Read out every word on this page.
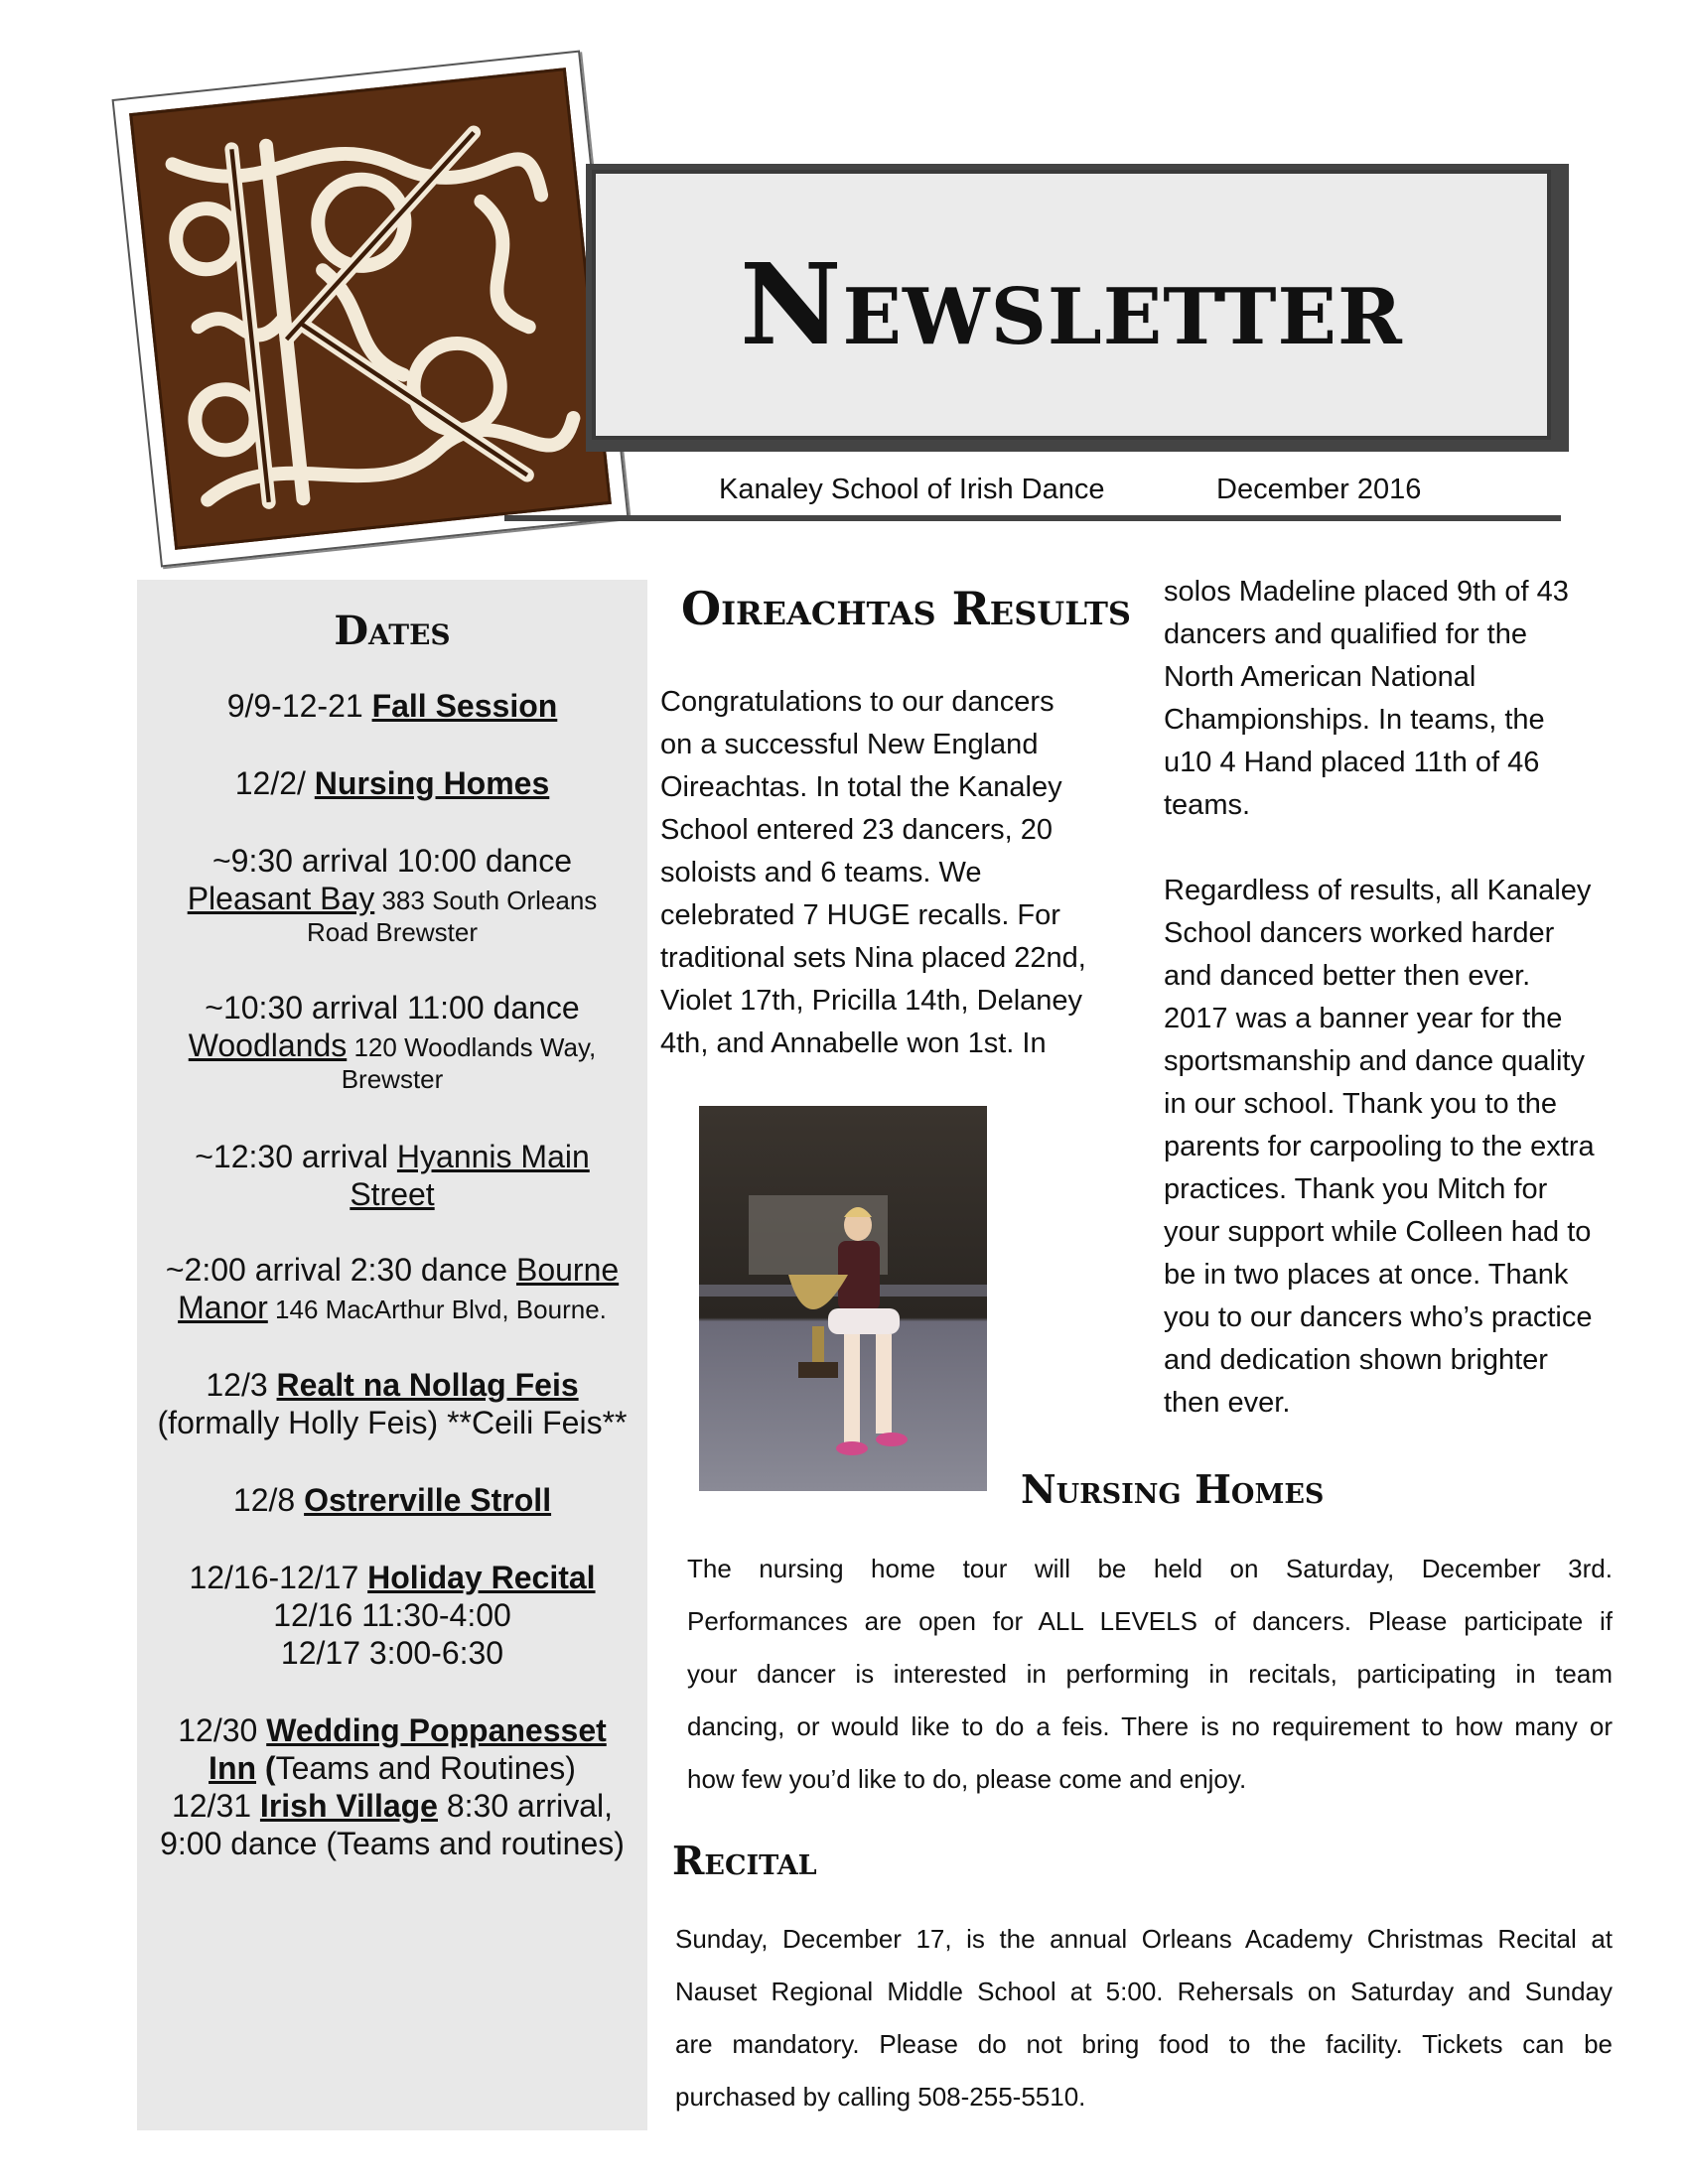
Newsletter
Kanaley School of Irish Dance	December 2016
Dates
9/9-12-21 Fall Session
12/2/ Nursing Homes
~9:30 arrival 10:00 dance
Pleasant Bay 383 South Orleans
Road Brewster
~10:30 arrival 11:00 dance
Woodlands 120 Woodlands Way,
Brewster
~12:30 arrival Hyannis Main
Street
~2:00 arrival 2:30 dance Bourne
Manor 146 MacArthur Blvd, Bourne.
12/3 Realt na Nollag Feis
(formally Holly Feis) **Ceili Feis**
12/8 Ostrerville Stroll
12/16-12/17 Holiday Recital
12/16 11:30-4:00
12/17 3:00-6:30
12/30 Wedding Poppanesset
Inn (Teams and Routines)
12/31 Irish Village 8:30 arrival,
9:00 dance (Teams and routines)
Oireachtas Results
Congratulations to our dancers
on a successful New England
Oireachtas. In total the Kanaley
School entered 23 dancers, 20
soloists and 6 teams. We
celebrated 7 HUGE recalls. For
traditional sets Nina placed 22nd,
Violet 17th, Pricilla 14th, Delaney
4th, and Annabelle won 1st. In
solos Madeline placed 9th of 43
dancers and qualified for the
North American National
Championships. In teams, the
u10 4 Hand placed 11th of 46
teams.
Regardless of results, all Kanaley
School dancers worked harder
and danced better then ever.
2017 was a banner year for the
sportsmanship and dance quality
in our school. Thank you to the
parents for carpooling to the extra
practices. Thank you Mitch for
your support while Colleen had to
be in two places at once. Thank
you to our dancers who’s practice
and dedication shown brighter
then ever.
Nursing Homes
The nursing home tour will be held on Saturday, December 3rd.
Performances are open for ALL LEVELS of dancers. Please participate if
your dancer is interested in performing in recitals, participating in team
dancing, or would like to do a feis. There is no requirement to how many or
how few you’d like to do, please come and enjoy.
Recital
Sunday, December 17, is the annual Orleans Academy Christmas Recital at
Nauset Regional Middle School at 5:00. Rehersals on Saturday and Sunday
are mandatory. Please do not bring food to the facility. Tickets can be
purchased by calling 508-255-5510.
